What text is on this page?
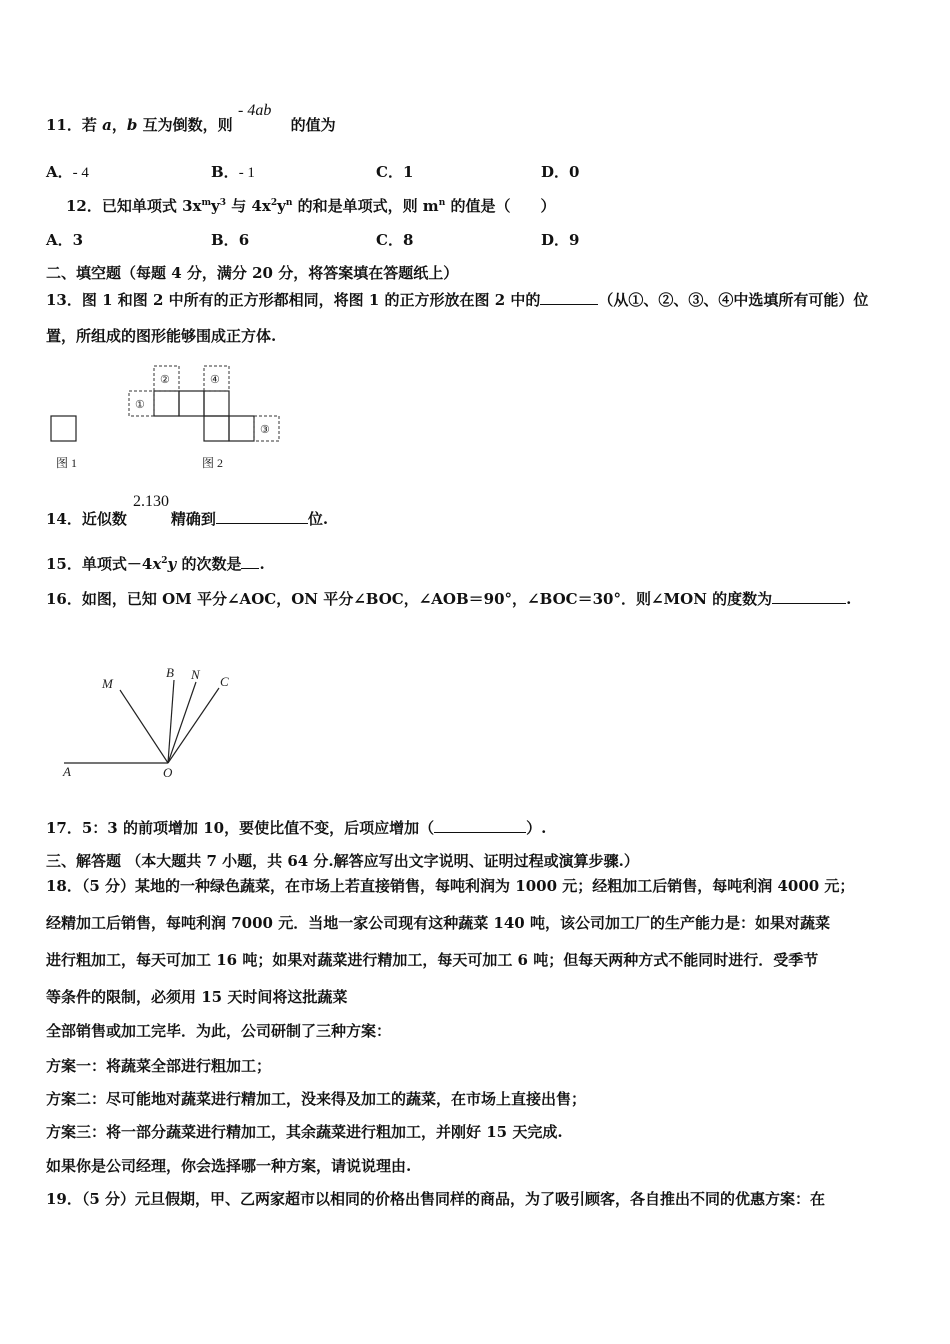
11．若 a，b 互为倒数，则	的值为
- 4ab
A．- 4	B．- 1	C．1	D．0
12．已知单项式 $3x^my^3$ 与 $4x^2y^n$ 的和是单项式，则 $m^n$ 的值是（　　）
A．3	B．6	C．8	D．9
二、填空题（每题 4 分，满分 20 分，将答案填在答题纸上）
13．图 1 和图 2 中所有的正方形都相同，将图 1 的正方形放在图 2 中的	（从①、②、③、④中选填所有可能）位
置，所组成的图形能够围成正方体.
图 1
①
②	④
③
图 2
14．近似数	精确到	位.
2.130
15．单项式$-4x^2y$ 的次数是 .
16．如图，已知 OM 平分∠AOC，ON 平分∠BOC，∠AOB＝90°，∠BOC＝30°．则∠MON 的度数为	.
A	O
M
B N C
17．5：3 的前项增加 10，要使比值不变，后项应增加（	）.
三、解答题 （本大题共 7 小题，共 64 分.解答应写出文字说明、证明过程或演算步骤.）
18．（5 分）某地的一种绿色蔬菜，在市场上若直接销售，每吨利润为 1000 元；经粗加工后销售，每吨利润 4000 元；
经精加工后销售，每吨利润 7000 元．当地一家公司现有这种蔬菜 140 吨，该公司加工厂的生产能力是：如果对蔬菜
进行粗加工，每天可加工 16 吨；如果对蔬菜进行精加工，每天可加工 6 吨；但每天两种方式不能同时进行．受季节
等条件的限制，必须用 15 天时间将这批蔬菜
全部销售或加工完毕．为此，公司研制了三种方案：
方案一：将蔬菜全部进行粗加工；
方案二：尽可能地对蔬菜进行精加工，没来得及加工的蔬菜，在市场上直接出售；
方案三：将一部分蔬菜进行精加工，其余蔬菜进行粗加工，并刚好 15 天完成.
如果你是公司经理，你会选择哪一种方案，请说说理由.
19．（5 分）元旦假期，甲、乙两家超市以相同的价格出售同样的商品，为了吸引顾客，各自推出不同的优惠方案：在
